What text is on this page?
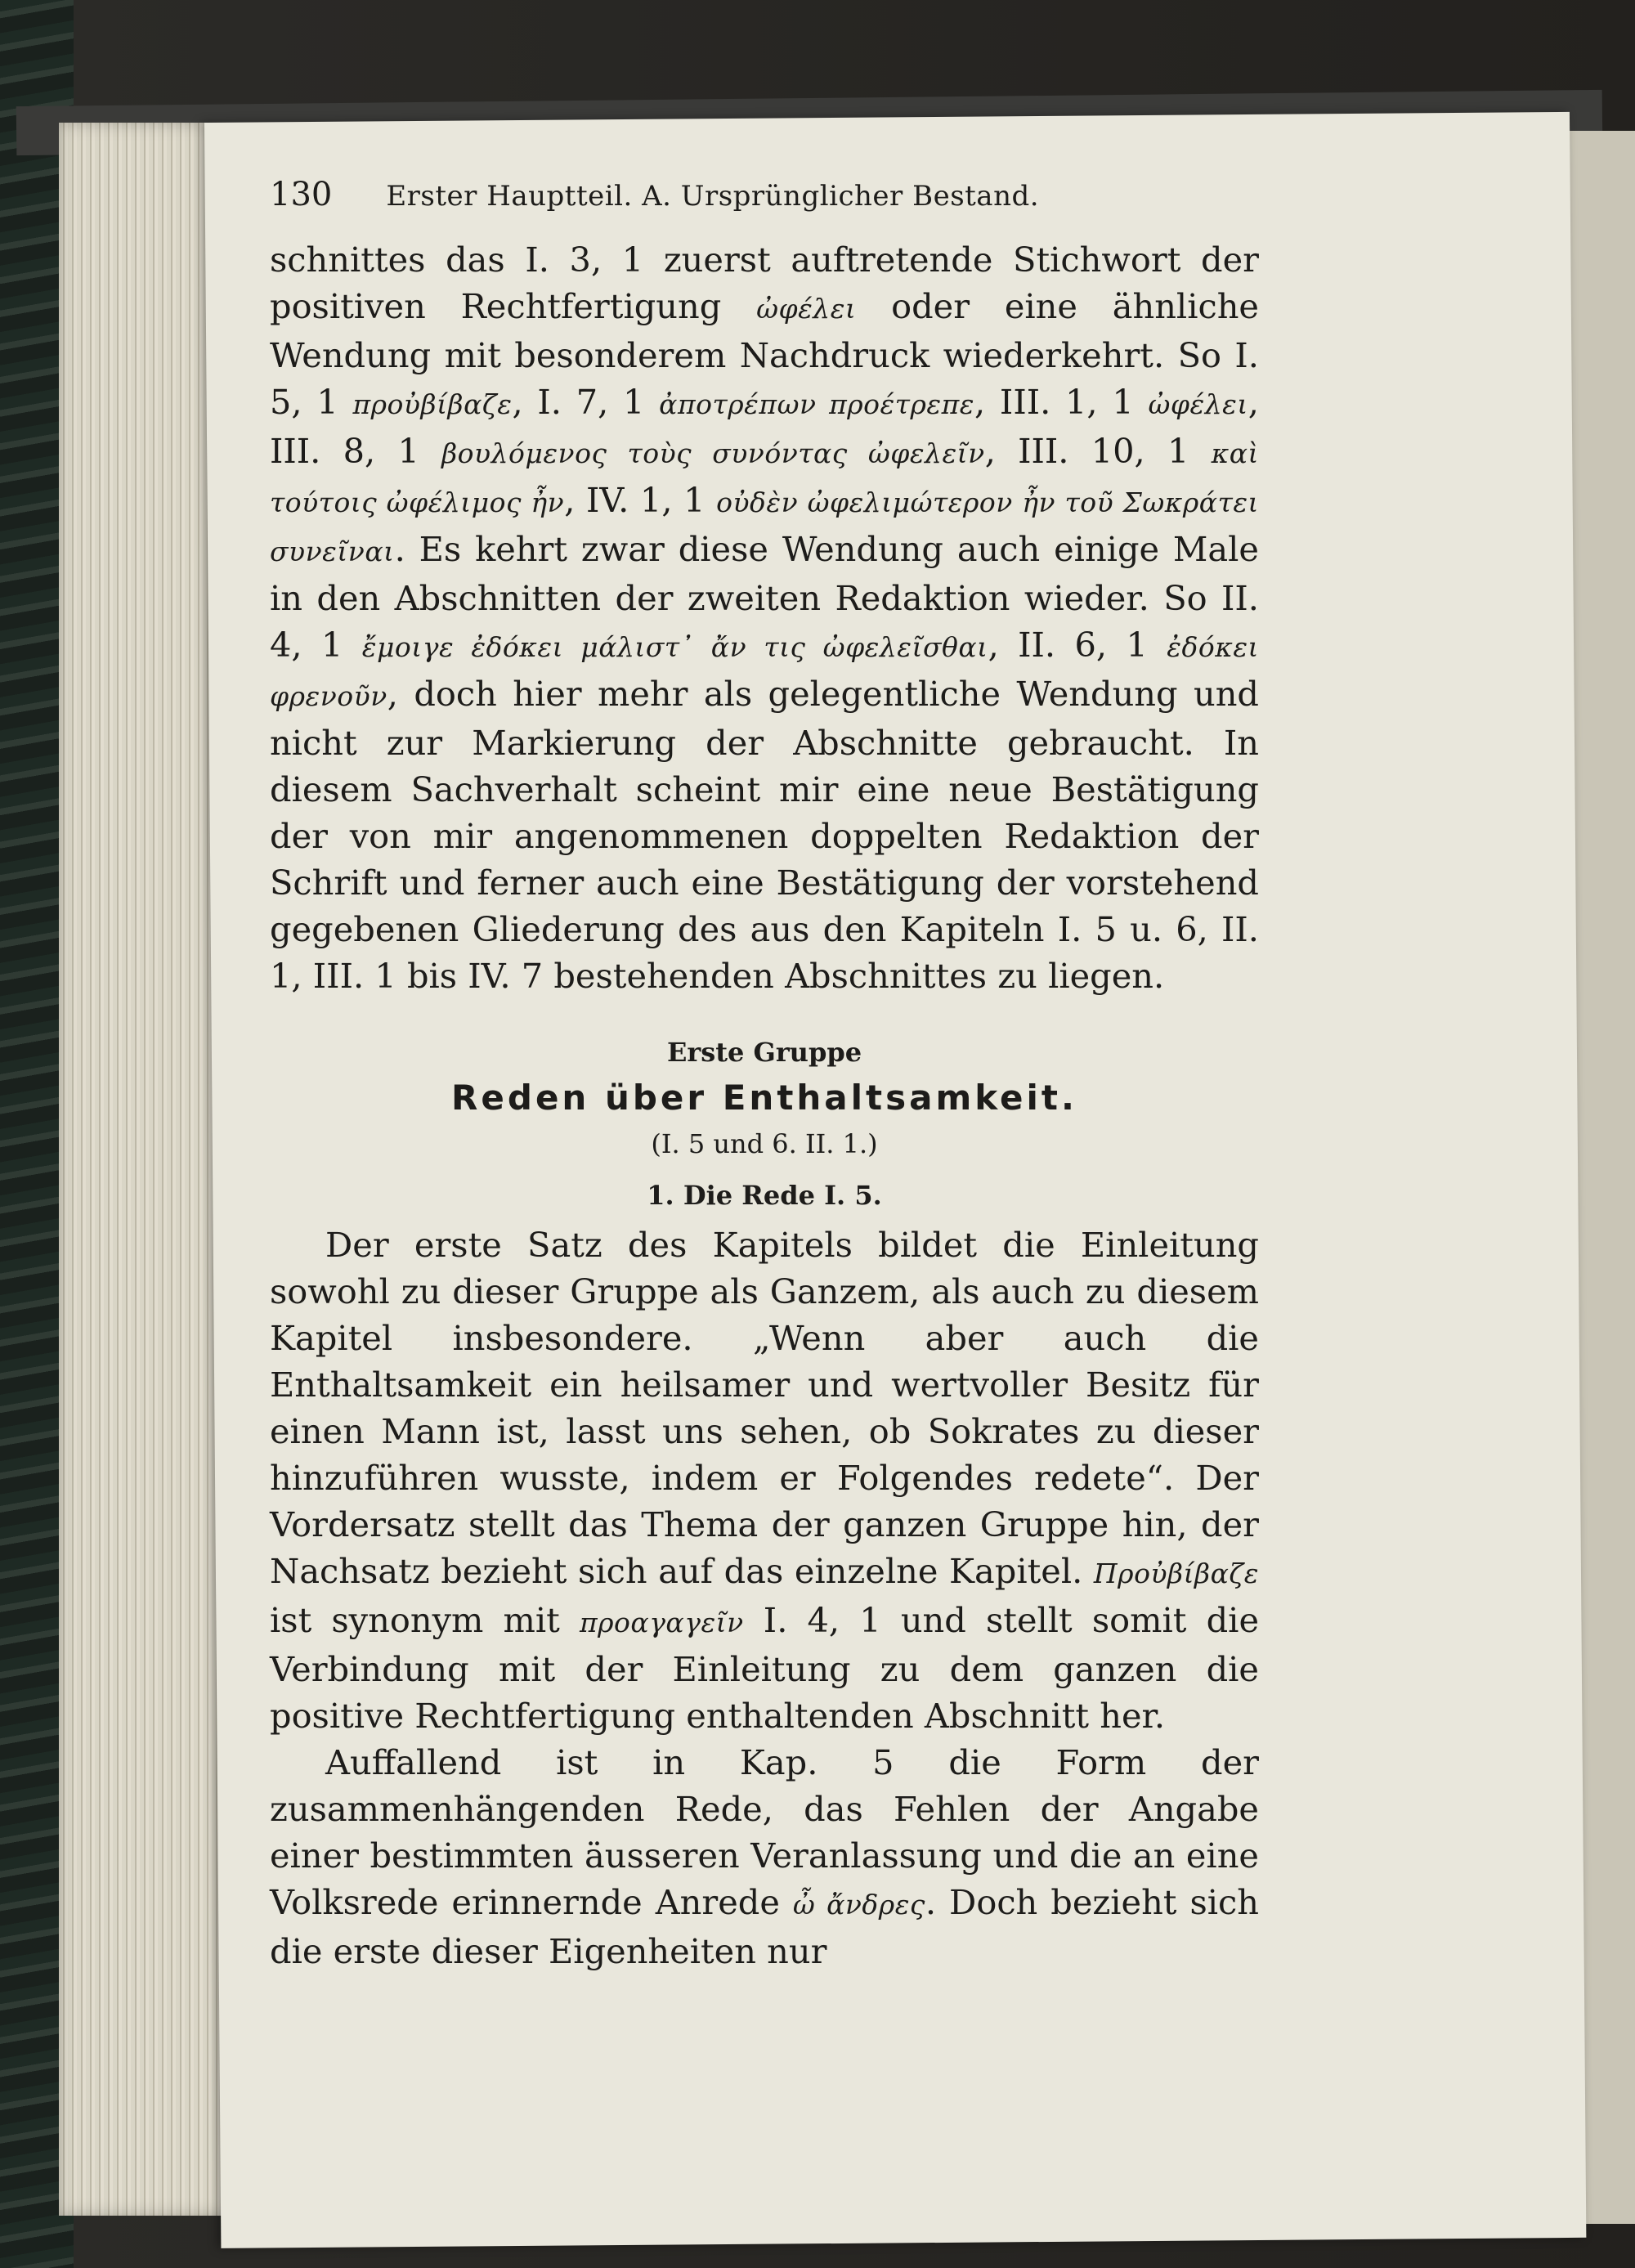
130 Erster Hauptteil. A. Ursprünglicher Bestand.

schnittes das I. 3, 1 zuerst auftretende Stichwort der positiven Rechtfertigung ὠφέλει oder eine ähnliche Wendung mit besonderem Nachdruck wiederkehrt. So I. 5, 1 προὐβίβαζε, I. 7, 1 ἀποτρέπων προέτρεπε, III. 1, 1 ὠφέλει, III. 8, 1 βουλόμενος τοὺς συνόντας ὠφελεῖν, III. 10, 1 καὶ τούτοις ὠφέλιμος ἦν, IV. 1, 1 οὐδὲν ὠφελιμώτερον ἦν τοῦ Σωκράτει συνεῖναι. Es kehrt zwar diese Wendung auch einige Male in den Abschnitten der zweiten Redaktion wieder. So II. 4, 1 ἔμοιγε ἐδόκει μάλιστ᾽ ἄν τις ὠφελεῖσθαι, II. 6, 1 ἐδόκει φρενοῦν, doch hier mehr als gelegentliche Wendung und nicht zur Markierung der Abschnitte gebraucht. In diesem Sachverhalt scheint mir eine neue Bestätigung der von mir angenommenen doppelten Redaktion der Schrift und ferner auch eine Bestätigung der vorstehend gegebenen Gliederung des aus den Kapiteln I. 5 u. 6, II. 1, III. 1 bis IV. 7 bestehenden Abschnittes zu liegen.

Erste Gruppe
Reden über Enthaltsamkeit.
(I. 5 und 6. II. 1.)
1. Die Rede I. 5.

Der erste Satz des Kapitels bildet die Einleitung sowohl zu dieser Gruppe als Ganzem, als auch zu diesem Kapitel insbesondere. „Wenn aber auch die Enthaltsamkeit ein heilsamer und wertvoller Besitz für einen Mann ist, lasst uns sehen, ob Sokrates zu dieser hinzuführen wusste, indem er Folgendes redete“. Der Vordersatz stellt das Thema der ganzen Gruppe hin, der Nachsatz bezieht sich auf das einzelne Kapitel. Προὐβίβαζε ist synonym mit προαγαγεῖν I. 4, 1 und stellt somit die Verbindung mit der Einleitung zu dem ganzen die positive Rechtfertigung enthaltenden Abschnitt her.

Auffallend ist in Kap. 5 die Form der zusammenhängenden Rede, das Fehlen der Angabe einer bestimmten äusseren Veranlassung und die an eine Volksrede erinnernde Anrede ὦ ἄνδρες. Doch bezieht sich die erste dieser Eigenheiten nur
